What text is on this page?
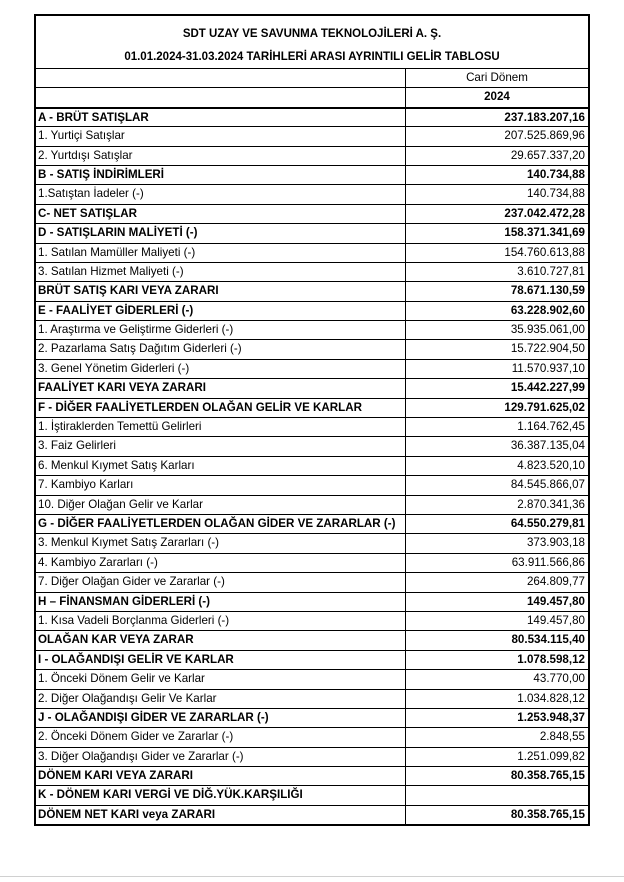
SDT UZAY VE SAVUNMA TEKNOLOJİLERİ A. Ş.
01.01.2024-31.03.2024 TARİHLERİ ARASI AYRINTILI GELİR TABLOSU
Cari Dönem
2024
A - BRÜT SATIŞLAR	237.183.207,16
1. Yurtiçi Satışlar	207.525.869,96
2. Yurtdışı Satışlar	29.657.337,20
B - SATIŞ İNDİRİMLERİ	140.734,88
1.Satıştan İadeler (-)	140.734,88
C- NET SATIŞLAR	237.042.472,28
D - SATIŞLARIN MALİYETİ (-)	158.371.341,69
1. Satılan Mamüller Maliyeti (-)	154.760.613,88
3. Satılan Hizmet Maliyeti (-)	3.610.727,81
BRÜT SATIŞ KARI VEYA ZARARI	78.671.130,59
E - FAALİYET GİDERLERİ (-)	63.228.902,60
1. Araştırma ve Geliştirme Giderleri (-)	35.935.061,00
2. Pazarlama Satış Dağıtım Giderleri (-)	15.722.904,50
3. Genel Yönetim Giderleri (-)	11.570.937,10
FAALİYET KARI VEYA ZARARI	15.442.227,99
F - DİĞER FAALİYETLERDEN OLAĞAN GELİR VE KARLAR	129.791.625,02
1. İştiraklerden Temettü Gelirleri	1.164.762,45
3. Faiz Gelirleri	36.387.135,04
6. Menkul Kıymet Satış Karları	4.823.520,10
7. Kambiyo Karları	84.545.866,07
10. Diğer Olağan Gelir ve Karlar	2.870.341,36
G - DİĞER FAALİYETLERDEN OLAĞAN GİDER VE ZARARLAR (-)	64.550.279,81
3. Menkul Kıymet Satış Zararları (-)	373.903,18
4. Kambiyo Zararları (-)	63.911.566,86
7. Diğer Olağan Gider ve Zararlar (-)	264.809,77
H – FİNANSMAN GİDERLERİ (-)	149.457,80
1. Kısa Vadeli Borçlanma Giderleri (-)	149.457,80
OLAĞAN KAR VEYA ZARAR	80.534.115,40
I - OLAĞANDIŞI GELİR VE KARLAR	1.078.598,12
1. Önceki Dönem Gelir ve Karlar	43.770,00
2. Diğer Olağandışı Gelir Ve Karlar	1.034.828,12
J - OLAĞANDIŞI GİDER VE ZARARLAR (-)	1.253.948,37
2. Önceki Dönem Gider ve Zararlar (-)	2.848,55
3. Diğer Olağandışı Gider ve Zararlar (-)	1.251.099,82
DÖNEM KARI VEYA ZARARI	80.358.765,15
K - DÖNEM KARI VERGİ VE DİĞ.YÜK.KARŞILIĞI
DÖNEM NET KARI veya ZARARI	80.358.765,15
